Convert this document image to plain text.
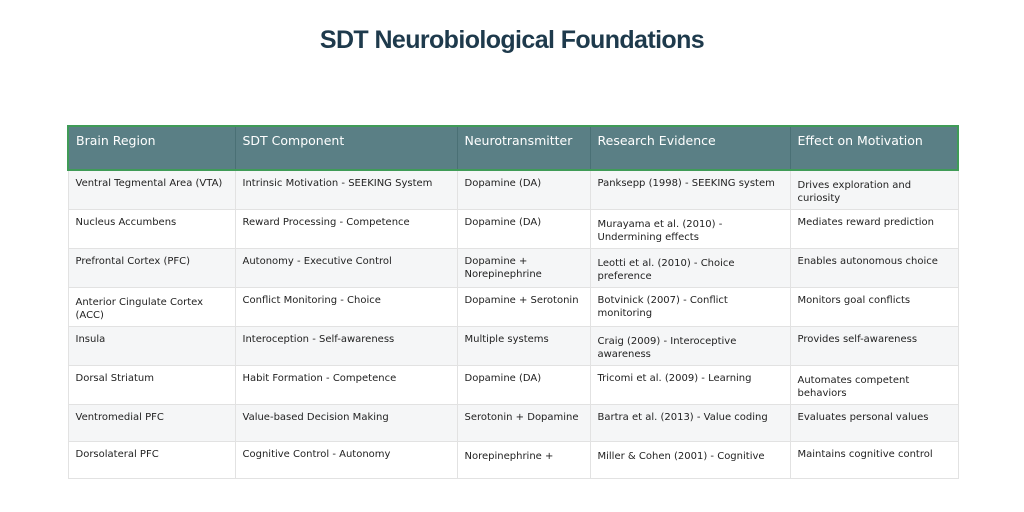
SDT Neurobiological Foundations
Brain Region	SDT Component	Neurotransmitter	Research Evidence	Effect on Motivation
Ventral Tegmental Area (VTA)	Intrinsic Motivation - SEEKING System	Dopamine (DA)	Panksepp (1998) - SEEKING system	Drives exploration and curiosity
Nucleus Accumbens	Reward Processing - Competence	Dopamine (DA)	Murayama et al. (2010) - Undermining effects	Mediates reward prediction
Prefrontal Cortex (PFC)	Autonomy - Executive Control	Dopamine + Norepinephrine	Leotti et al. (2010) - Choice preference	Enables autonomous choice
Anterior Cingulate Cortex (ACC)	Conflict Monitoring - Choice	Dopamine + Serotonin	Botvinick (2007) - Conflict monitoring	Monitors goal conflicts
Insula	Interoception - Self-awareness	Multiple systems	Craig (2009) - Interoceptive awareness	Provides self-awareness
Dorsal Striatum	Habit Formation - Competence	Dopamine (DA)	Tricomi et al. (2009) - Learning	Automates competent behaviors
Ventromedial PFC	Value-based Decision Making	Serotonin + Dopamine	Bartra et al. (2013) - Value coding	Evaluates personal values
Dorsolateral PFC	Cognitive Control - Autonomy	Norepinephrine +	Miller & Cohen (2001) - Cognitive	Maintains cognitive control
